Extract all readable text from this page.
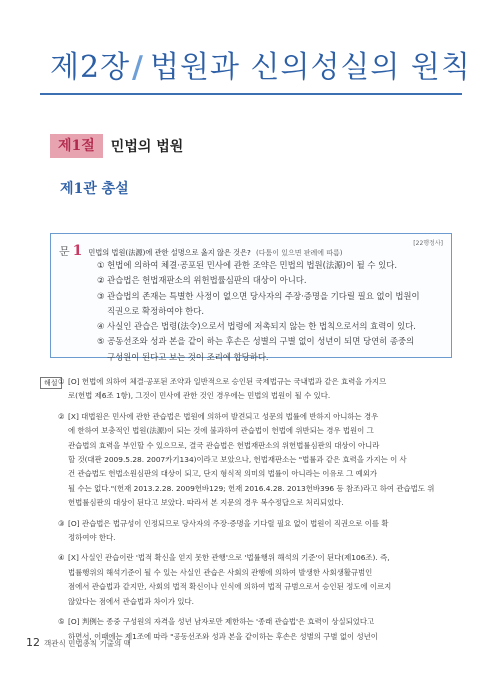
제2장/ 법원과 신의성실의 원칙
제1절	민법의 법원
제1관 총설
문 1 민법의 법원(法源)에 관한 설명으로 옳지 않은 것은? (다툼이 있으면 판례에 따름)
[22행정사]

① 헌법에 의하여 체결·공포된 민사에 관한 조약은 민법의 법원(法源)이 될 수 있다.

② 관습법은 헌법재판소의 위헌법률심판의 대상이 아니다.

③ 관습법의 존재는 특별한 사정이 없으면 당사자의 주장·증명을 기다릴 필요 없이 법원이

직권으로 확정하여야 한다.

④ 사실인 관습은 법령(法令)으로서 법령에 저촉되지 않는 한 법칙으로서의 효력이 있다.

⑤ 공동선조와 성과 본을 같이 하는 후손은 성별의 구별 없이 성년이 되면 당연히 종중의

구성원이 된다고 보는 것이 조리에 합당하다.

해설 ① [O] 헌법에 의하여 체결·공포된 조약과 일반적으로 승인된 국제법규는 국내법과 같은 효력을 가지므
로(헌법 제6조 1항), 그것이 민사에 관한 것인 경우에는 민법의 법원이 될 수 있다.
② [X] 대법원은 민사에 관한 관습법은 법원에 의하여 발견되고 성문의 법률에 반하지 아니하는 경우
에 한하여 보충적인 법원(法源)이 되는 것에 불과하여 관습법이 헌법에 위반되는 경우 법원이 그
관습법의 효력을 부인할 수 있으므로, 결국 관습법은 헌법재판소의 위헌법률심판의 대상이 아니라
할 것(대판 2009.5.28. 2007카기134)이라고 보았으나, 헌법재판소는 "법률과 같은 효력을 가지는 이 사
건 관습법도 헌법소원심판의 대상이 되고, 단지 형식적 의미의 법률이 아니라는 이유로 그 예외가
될 수는 없다."(헌재 2013.2.28. 2009헌바129; 헌재 2016.4.28. 2013헌바396 등 참조)라고 하여 관습법도 위
헌법률심판의 대상이 된다고 보았다. 따라서 본 지문의 경우 복수정답으로 처리되었다.
③ [O] 관습법은 법규성이 인정되므로 당사자의 주장·증명을 기다릴 필요 없이 법원이 직권으로 이를 확
정하여야 한다.
④ [X] 사실인 관습이란 '법적 확신을 얻지 못한 관행'으로 '법률행위 해석의 기준'이 된다(제106조). 즉,
법률행위의 해석기준이 될 수 있는 사실인 관습은 사회의 관행에 의하여 발생한 사회생활규범인
점에서 관습법과 같지만, 사회의 법적 확신이나 인식에 의하여 법적 규범으로서 승인된 정도에 이르지
않았다는 점에서 관습법과 차이가 있다.
⑤ [O] 判例는 종중 구성원의 자격을 성년 남자로만 제한하는 '종래 관습법'은 효력이 상실되었다고
하면서, 이때에는 제1조에 따라 "공동선조와 성과 본을 같이하는 후손은 성별의 구별 없이 성년이
12 객관식 민법총칙 기출의 맥
